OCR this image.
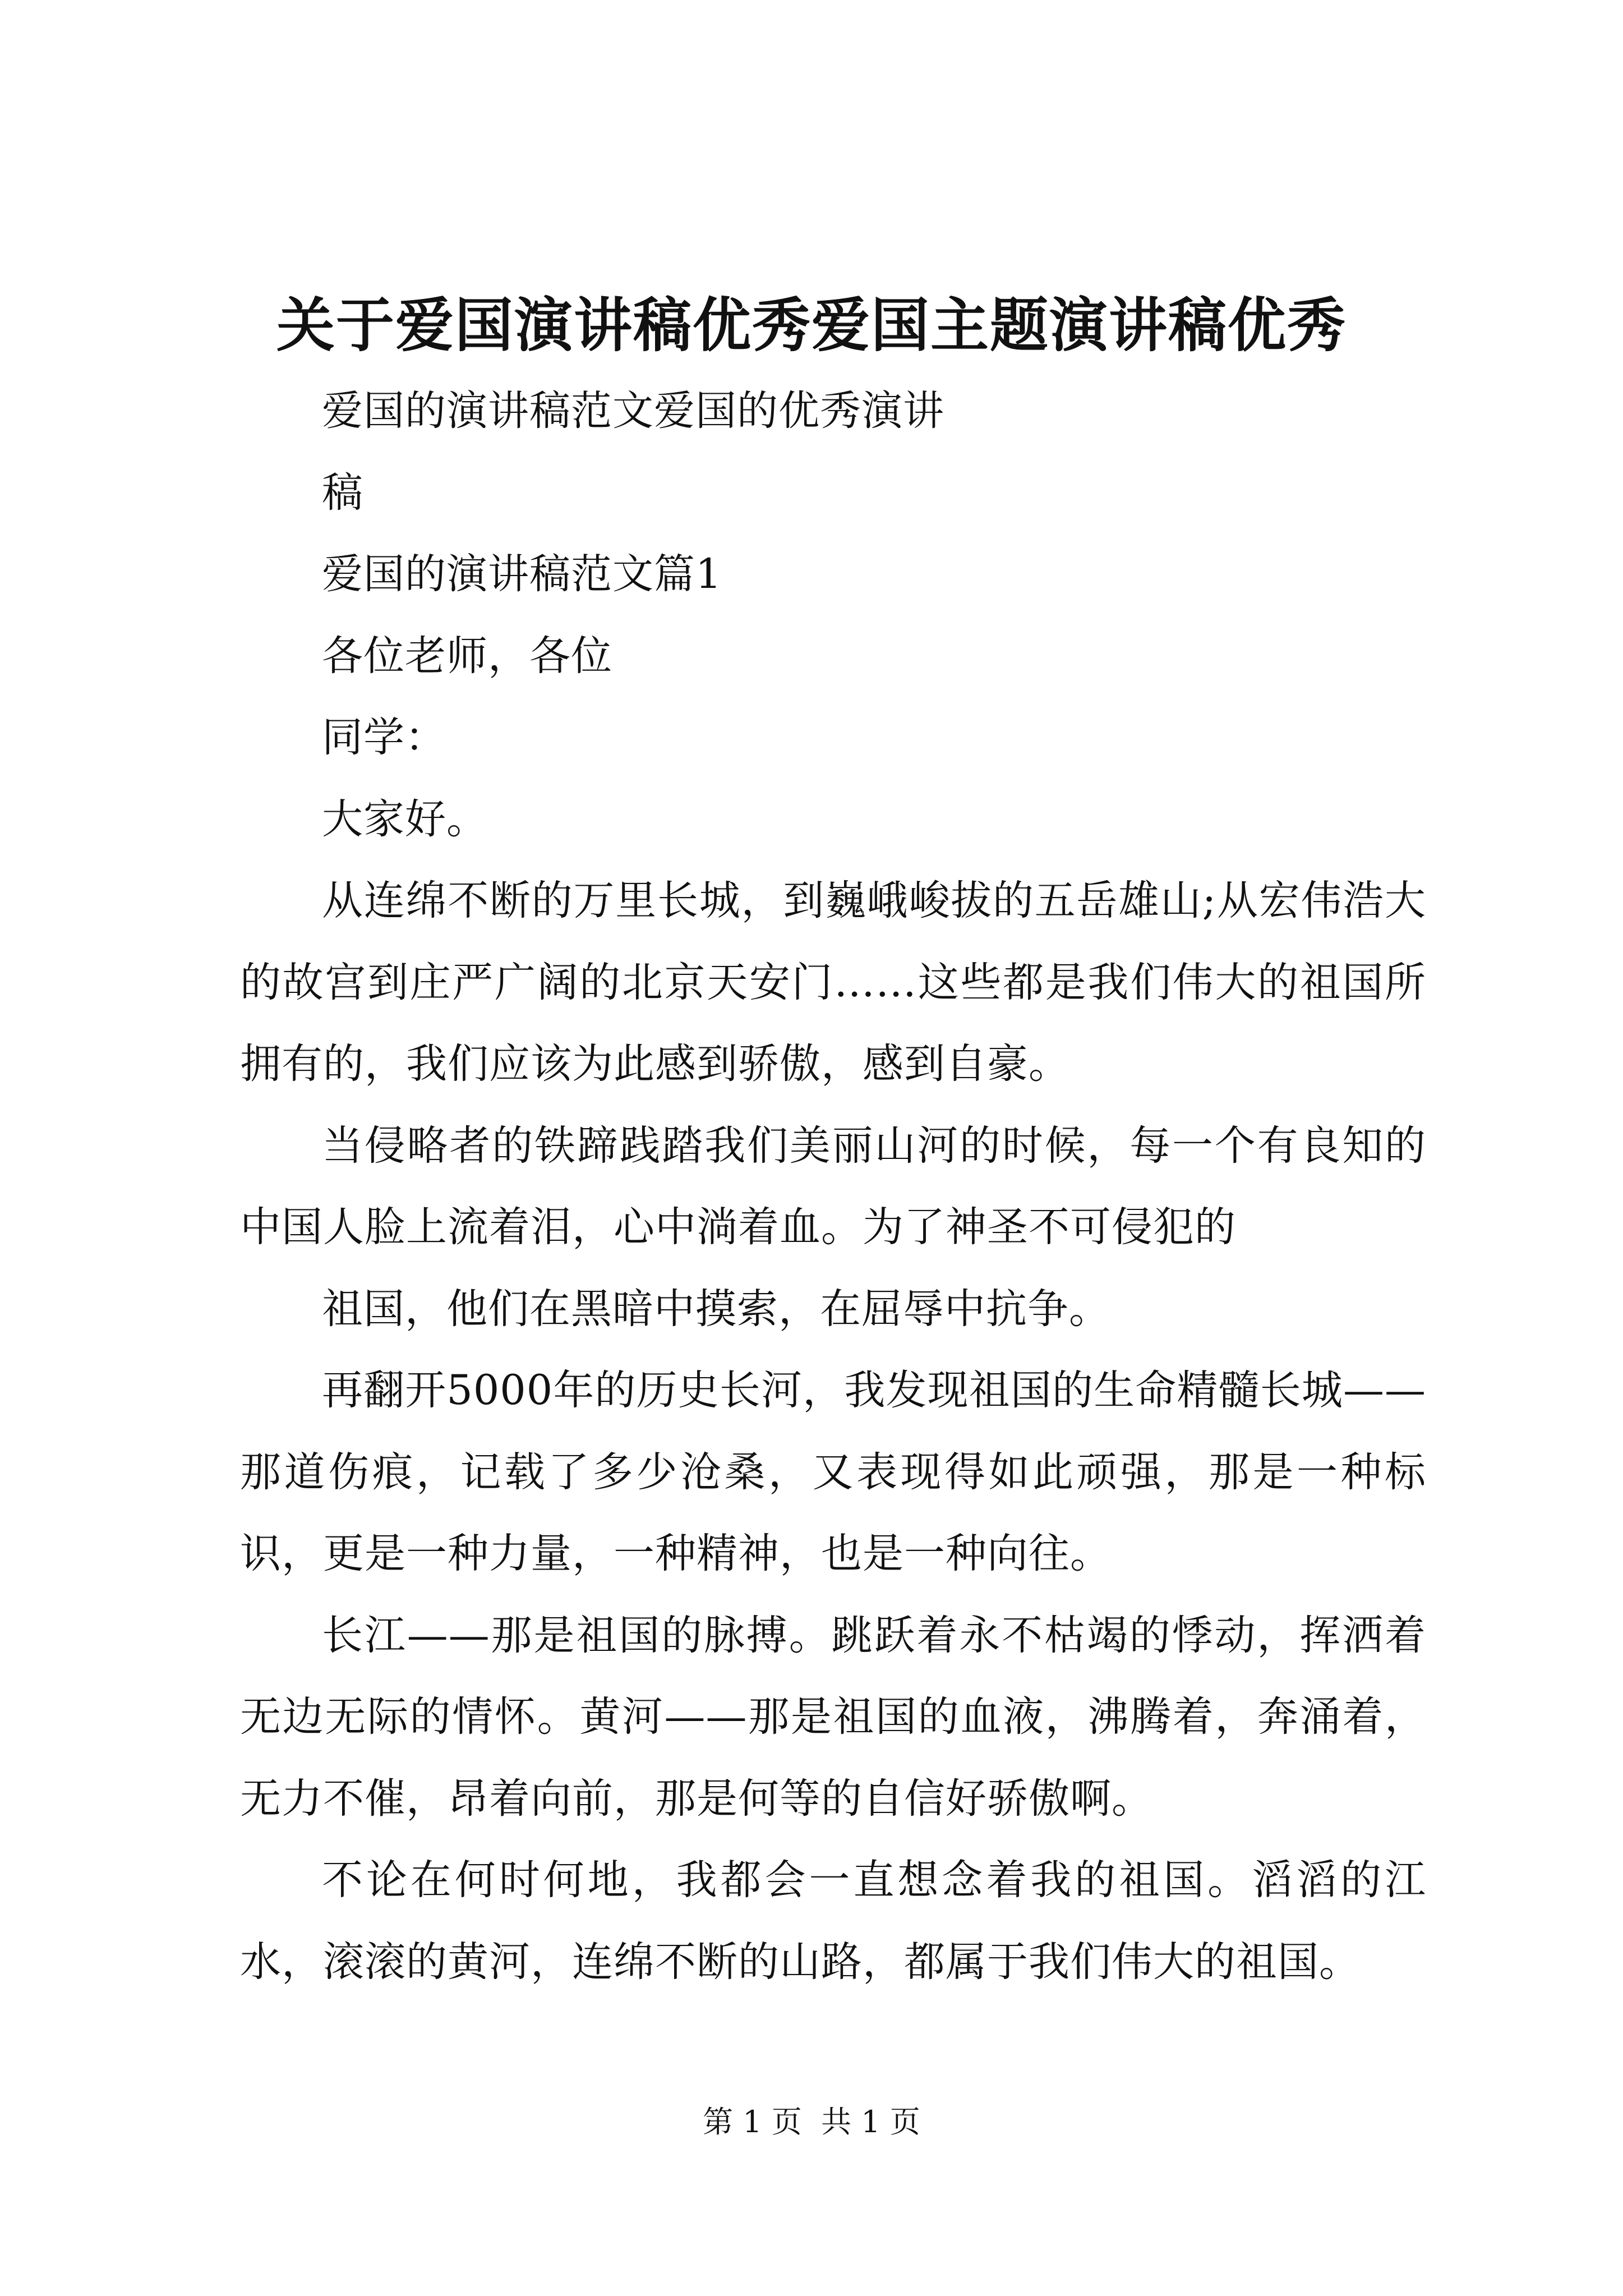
关于爱国演讲稿优秀爱国主题演讲稿优秀

爱国的演讲稿范文爱国的优秀演讲

稿

爱国的演讲稿范文篇1

各位老师，各位

同学：

大家好。

从连绵不断的万里长城，到巍峨峻拔的五岳雄山;从宏伟浩大的故宫到庄严广阔的北京天安门……这些都是我们伟大的祖国所拥有的，我们应该为此感到骄傲，感到自豪。

当侵略者的铁蹄践踏我们美丽山河的时候，每一个有良知的中国人脸上流着泪，心中淌着血。为了神圣不可侵犯的

祖国，他们在黑暗中摸索，在屈辱中抗争。

再翻开5000年的历史长河，我发现祖国的生命精髓长城——那道伤痕，记载了多少沧桑，又表现得如此顽强，那是一种标识，更是一种力量，一种精神，也是一种向往。

长江——那是祖国的脉搏。跳跃着永不枯竭的悸动，挥洒着无边无际的情怀。黄河——那是祖国的血液，沸腾着，奔涌着，无力不催，昂着向前，那是何等的自信好骄傲啊。

不论在何时何地，我都会一直想念着我的祖国。滔滔的江水，滚滚的黄河，连绵不断的山路，都属于我们伟大的祖国。

第 1 页  共 1 页
